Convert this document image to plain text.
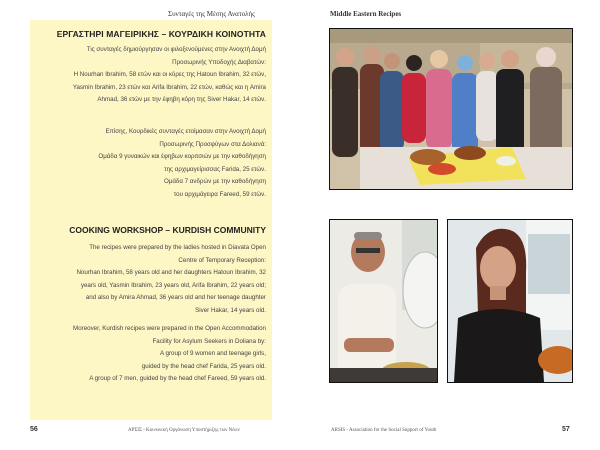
Συνταγές της Μέσης Ανατολής	Middle Eastern Recipes
ΕΡΓΑΣΤΗΡΙ ΜΑΓΕΙΡΙΚΗΣ – ΚΟΥΡΔΙΚΗ ΚΟΙΝΟΤΗΤΑ
Τις συνταγές δημιούργησαν οι φιλοξενούμενες στην Ανοιχτή Δομή
Προσωρινής Υποδοχής Διαβατών:
Η Nourhan Ibrahim, 58 ετών και οι κόρες της Hatoun Ibrahim, 32 ετών,
Yasmin Ibrahim, 23 ετών και Arifa Ibrahim, 22 ετών, καθώς και η Amira
Ahmad, 36 ετών με την έφηβη κόρη της Siver Hakar, 14 ετών.
Επίσης, Κουρδικές συνταγές ετοίμασαν στην Ανοιχτή Δομή
Προσωρινής Προσφύγων στα Δολιανά:
Ομάδα 9 γυναικών και έφηβων κοριτσιών με την καθοδήγηση
της αρχιμαγείρισσας Farida, 25 ετών.
Ομάδα 7 ανδρών με την καθοδήγηση
του αρχιμάγειρα Fareed, 59 ετών.
COOKING WORKSHOP – KURDISH COMMUNITY
The recipes were prepared by the ladies hosted in Diavata Open
Centre of Temporary Reception:
Nourhan Ibrahim, 58 years old and her daughters Hatoun Ibrahim, 32
years old, Yasmin Ibrahim, 23 years old, Arifa Ibrahim, 22 years old;
and also by Amira Ahmad, 36 years old and her teenage daughter
Siver Hakar, 14 years old.
Moreover, Kurdish recipes were prepared in the Open Accommodation
Facility for Asylum Seekers in Doliana by:
A group of 9 women and teenage girls,
guided by the head chef Farida, 25 years old.
A group of 7 men, guided by the head chef Fareed, 59 years old.
56	ΑΡΣΙΣ - Κοινωνική Οργάνωση Υποστήριξης των Νέων	ARSIS - Association for the Social Support of Youth	57
